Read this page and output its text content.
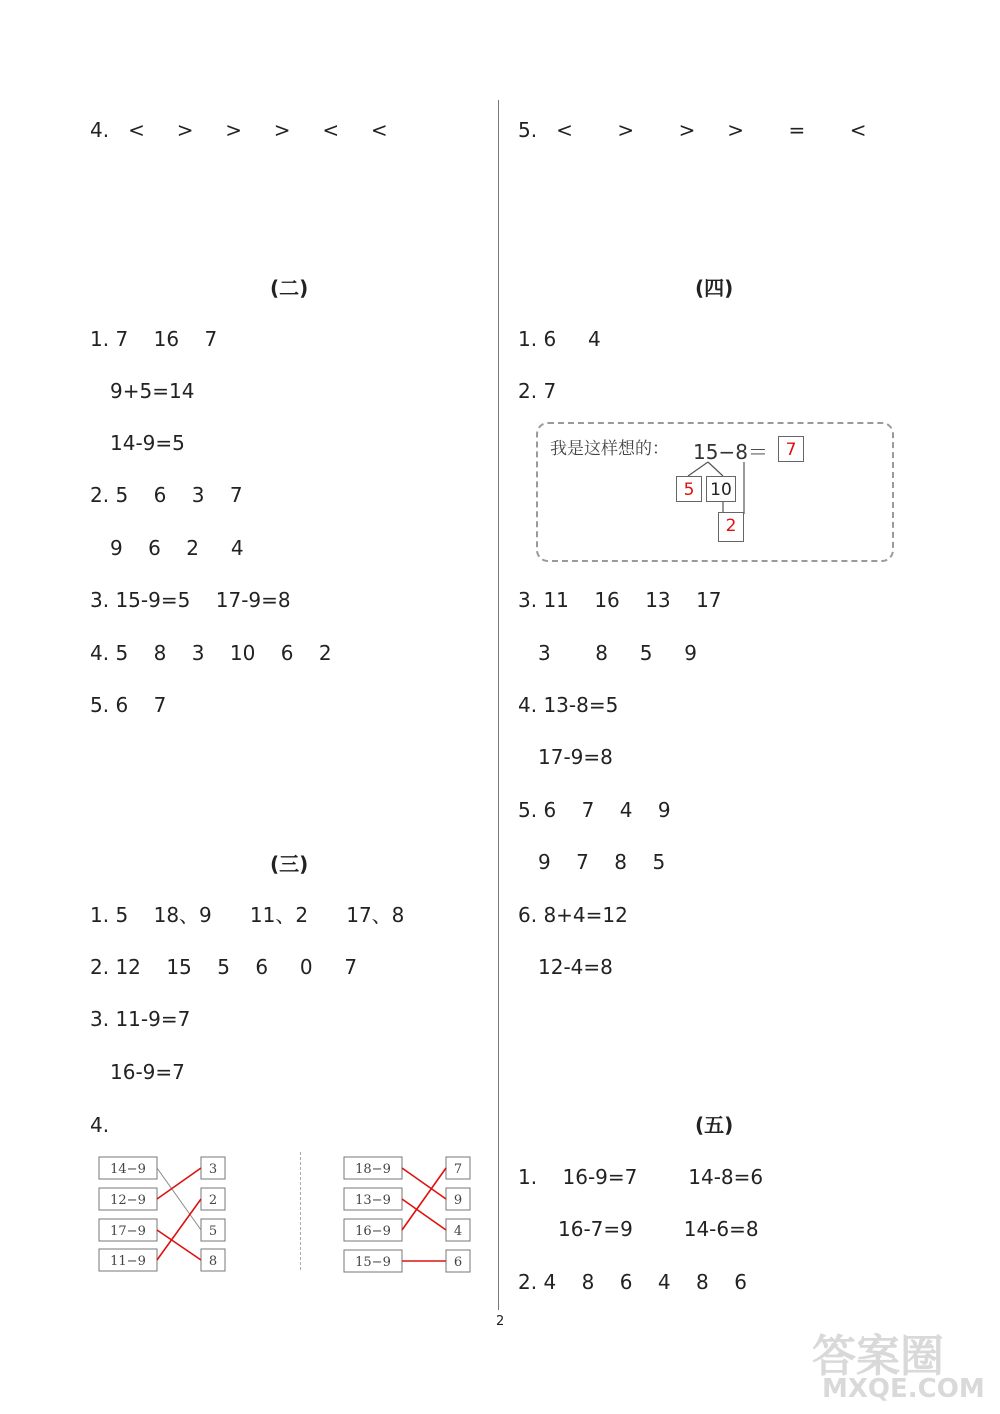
4.   <     >     >     >     <     <
(二)
1. 7    16    7
9+5=14
14-9=5
2. 5    6    3    7
9    6    2     4
3. 15-9=5    17-9=8
4. 5    8    3    10    6    2
5. 6    7
(三)
1. 5    18、9      11、2      17、8
2. 12    15    5    6     0     7
3. 11-9=7
16-9=7
4.
14−9
12−9
17−9
11−9
3
2
5
8
18−9
13−9
16−9
15−9
7
9
4
6
5.   <       >       >     >       =       <
(四)
1. 6     4
2. 7
我是这样想的： 15−8＝	7
5 10
2
3. 11    16    13    17
3       8     5     9
4. 13-8=5
17-9=8
5. 6    7    4    9
9    7    8    5
6. 8+4=12
12-4=8
(五)
1.    16-9=7        14-8=6
16-7=9        14-6=8
2. 4    8    6    4    8    6
2
答案圈
MXQE.COM
